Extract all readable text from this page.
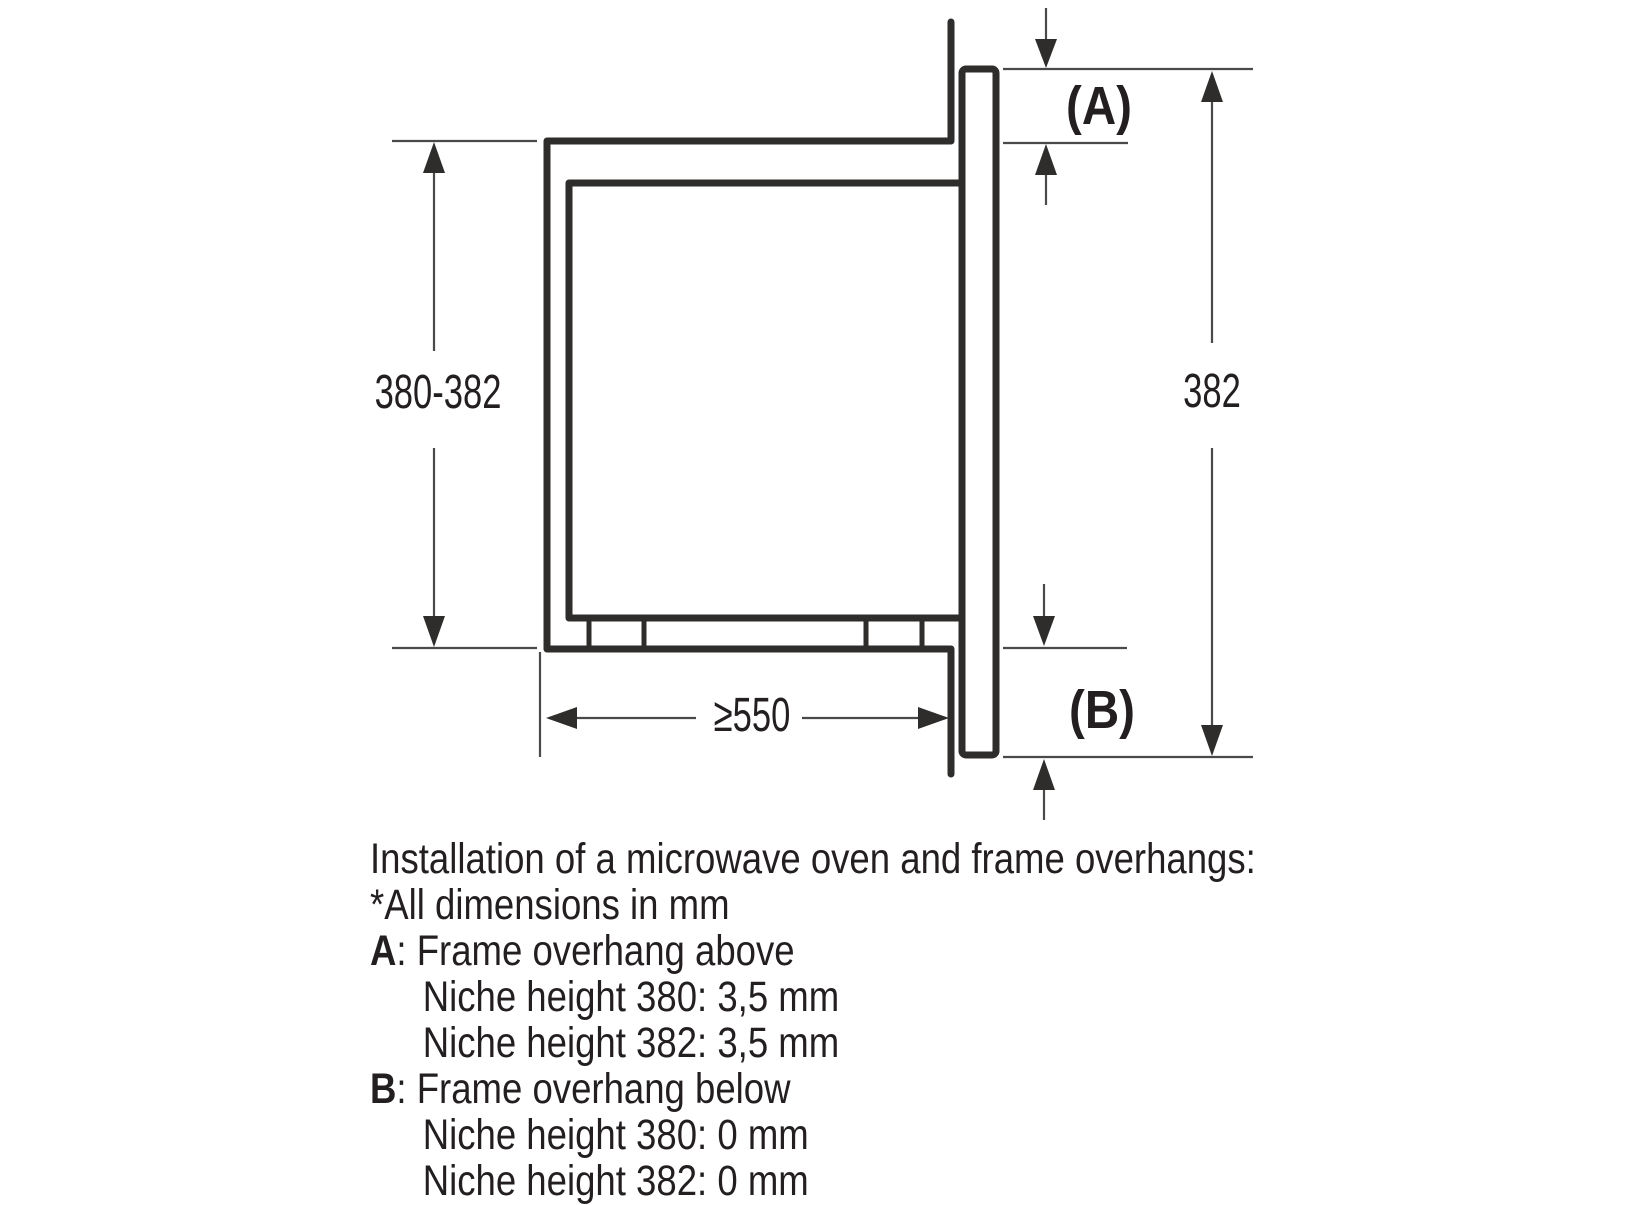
380-382	382
≥550
(A)
(B)
Installation of a microwave oven and frame overhangs:
*All dimensions in mm
A: Frame overhang above
Niche height 380: 3,5 mm
Niche height 382: 3,5 mm
B: Frame overhang below
Niche height 380: 0 mm
Niche height 382: 0 mm
